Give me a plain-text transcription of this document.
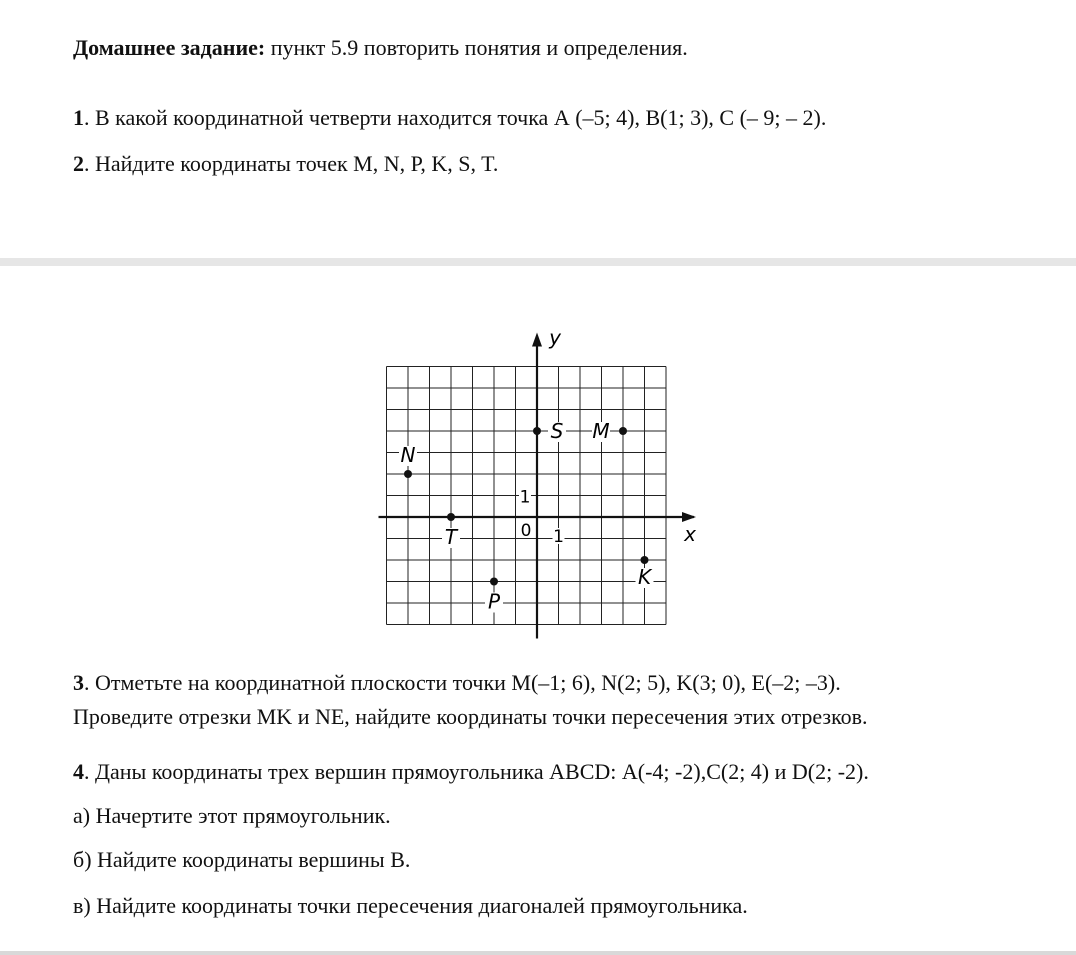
Домашнее задание: пункт 5.9 повторить понятия и определения.

1. В какой координатной четверти находится точка А (–5; 4), В(1; 3), С (– 9; – 2).

2. Найдите координаты точек M, N, P, K, S, T.

x
y
0 1
1
S M
N
T
P
K

3. Отметьте на координатной плоскости точки M(–1; 6), N(2; 5), K(3; 0), E(–2; –3).

Проведите отрезки MK и NE, найдите координаты точки пересечения этих отрезков.

4. Даны координаты трех вершин прямоугольника ABCD: А(-4; -2),С(2; 4) и D(2; -2).

а) Начертите этот прямоугольник.

б) Найдите координаты вершины В.

в) Найдите координаты точки пересечения диагоналей прямоугольника.
